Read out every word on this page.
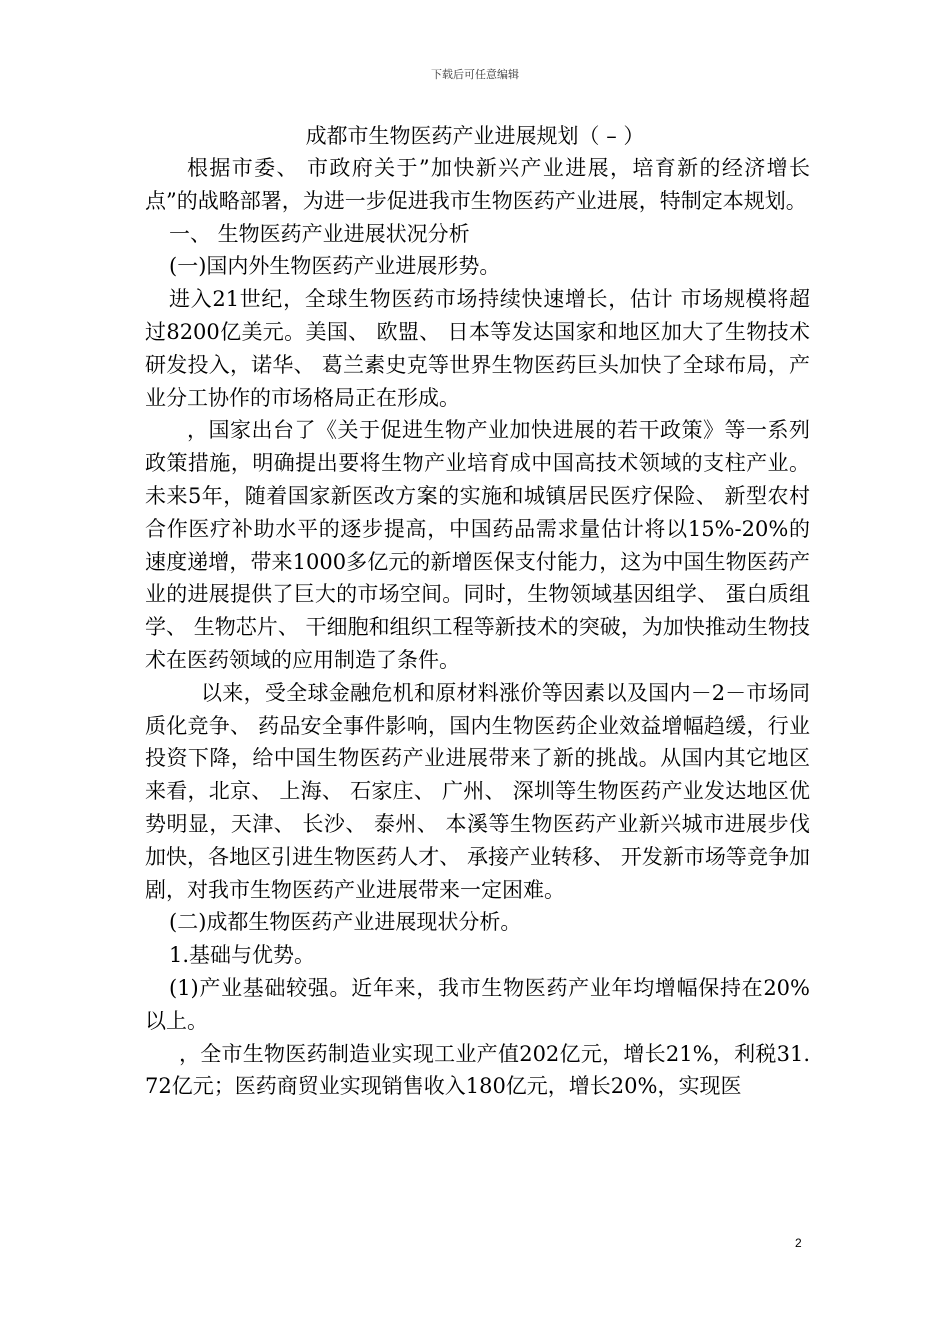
下载后可任意编辑
成都市生物医药产业进展规划（ – ）

根据市委、 市政府关于”加快新兴产业进展，培育新的经济增长点”的战略部署，为进一步促进我市生物医药产业进展，特制定本规划。

一、 生物医药产业进展状况分析

(一)国内外生物医药产业进展形势。

进入21世纪，全球生物医药市场持续快速增长，估计 市场规模将超过8200亿美元。美国、 欧盟、 日本等发达国家和地区加大了生物技术研发投入，诺华、 葛兰素史克等世界生物医药巨头加快了全球布局，产业分工协作的市场格局正在形成。

，国家出台了《关于促进生物产业加快进展的若干政策》等一系列政策措施，明确提出要将生物产业培育成中国高技术领域的支柱产业。未来5年，随着国家新医改方案的实施和城镇居民医疗保险、 新型农村合作医疗补助水平的逐步提高，中国药品需求量估计将以15%-20%的速度递增，带来1000多亿元的新增医保支付能力，这为中国生物医药产业的进展提供了巨大的市场空间。同时，生物领域基因组学、 蛋白质组学、 生物芯片、 干细胞和组织工程等新技术的突破，为加快推动生物技术在医药领域的应用制造了条件。

以来，受全球金融危机和原材料涨价等因素以及国内－2－市场同质化竞争、 药品安全事件影响，国内生物医药企业效益增幅趋缓，行业投资下降，给中国生物医药产业进展带来了新的挑战。从国内其它地区来看，北京、 上海、 石家庄、 广州、 深圳等生物医药产业发达地区优势明显，天津、 长沙、 泰州、 本溪等生物医药产业新兴城市进展步伐加快，各地区引进生物医药人才、 承接产业转移、 开发新市场等竞争加剧，对我市生物医药产业进展带来一定困难。

(二)成都生物医药产业进展现状分析。

1.基础与优势。

(1)产业基础较强。近年来，我市生物医药产业年均增幅保持在20%以上。

，全市生物医药制造业实现工业产值202亿元，增长21%，利税31.72亿元；医药商贸业实现销售收入180亿元，增长20%，实现医

2
